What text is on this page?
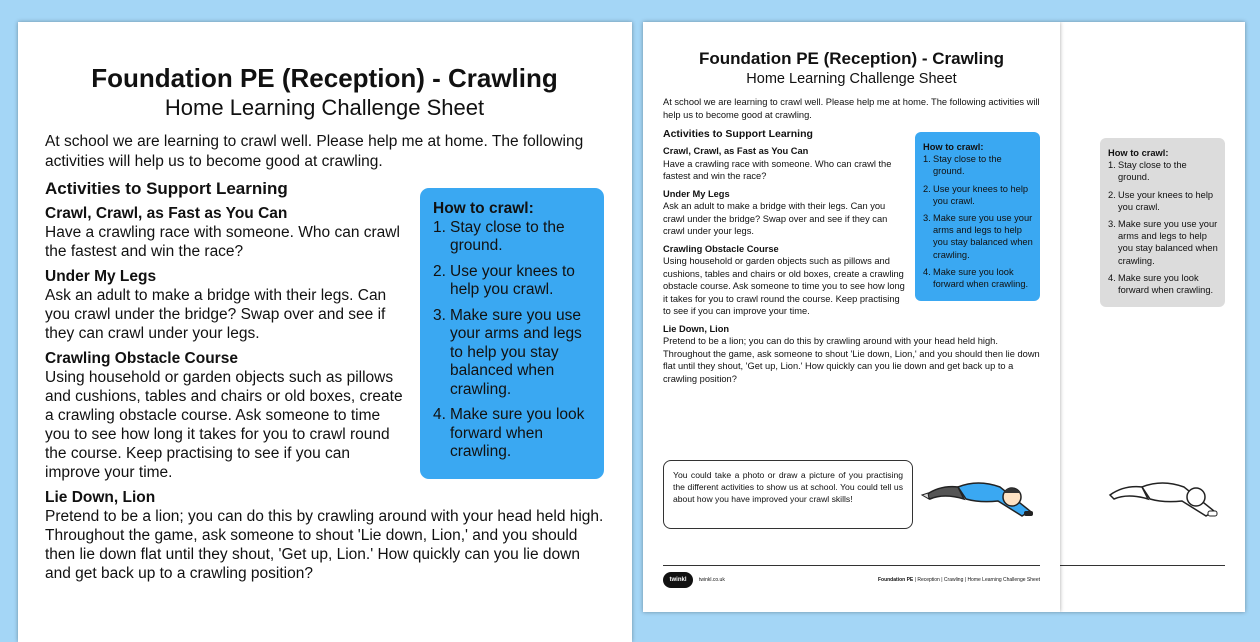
How to crawl:
1. Stay close to the ground.
2. Use your knees to help you crawl.
3. Make sure you use your arms and legs to help you stay balanced when crawling.
4. Make sure you look forward when crawling.
Foundation PE (Reception) - Crawling
Home Learning Challenge Sheet
At school we are learning to crawl well. Please help me at home. The following activities will help us to become good at crawling.
How to crawl:
1. Stay close to the ground.
2. Use your knees to help you crawl.
3. Make sure you use your arms and legs to help you stay balanced when crawling.
4. Make sure you look forward when crawling.
Activities to Support Learning
Crawl, Crawl, as Fast as You Can

Have a crawling race with someone. Who can crawl the fastest and win the race?

Under My Legs

Ask an adult to make a bridge with their legs. Can you crawl under the bridge? Swap over and see if they can crawl under your legs.

Crawling Obstacle Course

Using household or garden objects such as pillows and cushions, tables and chairs or old boxes, create a crawling obstacle course. Ask someone to time you to see how long it takes for you to crawl round the course. Keep practising to see if you can improve your time.

Lie Down, Lion

Pretend to be a lion; you can do this by crawling around with your head held high. Throughout the game, ask someone to shout 'Lie down, Lion,' and you should then lie down flat until they shout, 'Get up, Lion.' How quickly can you lie down and get back up to a crawling position?

You could take a photo or draw a picture of you practising the different activities to show us at school. You could tell us about how you have improved your crawl skills!
twinkl	twinkl.co.uk	Foundation PE | Reception | Crawling | Home Learning Challenge Sheet
Foundation PE (Reception) - Crawling
Home Learning Challenge Sheet
At school we are learning to crawl well. Please help me at home. The following activities will help us to become good at crawling.
How to crawl:
1. Stay close to the ground.
2. Use your knees to help you crawl.
3. Make sure you use your arms and legs to help you stay balanced when crawling.
4. Make sure you look forward when crawling.
Activities to Support Learning
Crawl, Crawl, as Fast as You Can

Have a crawling race with someone. Who can crawl the fastest and win the race?

Under My Legs

Ask an adult to make a bridge with their legs. Can you crawl under the bridge? Swap over and see if they can crawl under your legs.

Crawling Obstacle Course

Using household or garden objects such as pillows and cushions, tables and chairs or old boxes, create a crawling obstacle course. Ask someone to time you to see how long it takes for you to crawl round the course. Keep practising to see if you can improve your time.

Lie Down, Lion

Pretend to be a lion; you can do this by crawling around with your head held high. Throughout the game, ask someone to shout 'Lie down, Lion,' and you should then lie down flat until they shout, 'Get up, Lion.' How quickly can you lie down and get back up to a crawling position?
